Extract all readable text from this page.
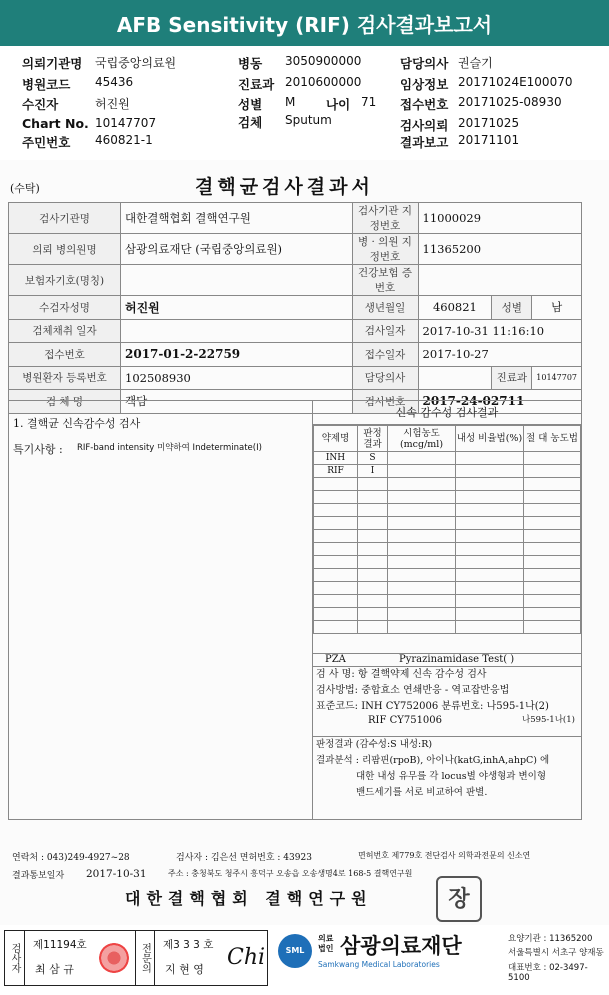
AFB Sensitivity (RIF) 검사결과보고서
의뢰기관명 국립중앙의료원
병원코드 45436
수진자	허진원
Chart No. 10147707
주민번호 460821-1
병동 3050900000
진료과 2010600000
성별 M 나이 71
검체 Sputum
담당의사 권슬기
임상정보 20171024E100070
접수번호 20171025-08930
검사의뢰 20171025
결과보고 20171101
(수탁)	결핵균검사결과서
검사기관명	대한결핵협회 결핵연구원	검사기관 지정번호	11000029		
의뢰 병의원명	삼광의료재단 (국립중앙의료원)	병 · 의원 지정번호	11365200		
보험자기호(명칭)		건강보험 증번호			
수검자성명	허진원	생년월일	460821	성별	남
검체채취 일자		검사일자	2017-10-31 11:16:10		
접수번호	2017-01-2-22759	접수일자	2017-10-27		
병원환자 등록번호	102508930	담당의사		진료과	10147707
검 체 명	객담	검사번호	2017-24-02711		
1. 결핵균 신속감수성 검사
특기사항 : RIF-band intensity 미약하여 Indeterminate(I)
신속 감수성 검사결과
약제명	판정 결과	시험농도 (mcg/ml)	내성 비율법(%)	절 대 농도법
INH	S			
RIF	I			

PZA	Pyrazinamidase Test( )
검 사 명: 항 결핵약제 신속 감수성 검사
검사방법: 중합효소 연쇄반응 - 역교잡반응법
표준코드: INH CY752006 분류번호: 나595-1나(2)
RIF CY751006	나595-1나(1)
판정결과 (감수성:S 내성:R)
결과분석 : 리팜핀(rpoB), 아이나(katG,inhA,ahpC) 에
대한 내성 유무를 각 locus별 야생형과 변이형
밴드세기를 서로 비교하여 판별.
연락처 : 043)249-4927~28	검사자 : 김은선 면허번호 : 43923	면허번호 제779호 전단검사 의학과전문의 신소연
결과통보일자 2017-10-31	주소 : 충청북도 청주시 흥덕구 오송읍 오송생명4로 168-5 결핵연구원
대한결핵협회 결핵연구원	장
검사자	제11194호
최 삼 규	전문의	제3 3 3 호
지 현 영 Chi	SML
의료 법인 삼광의료재단
Samkwang Medical Laboratories
요양기관 : 11365200
서울특별시 서초구 양재동
대표번호 : 02-3497-5100
